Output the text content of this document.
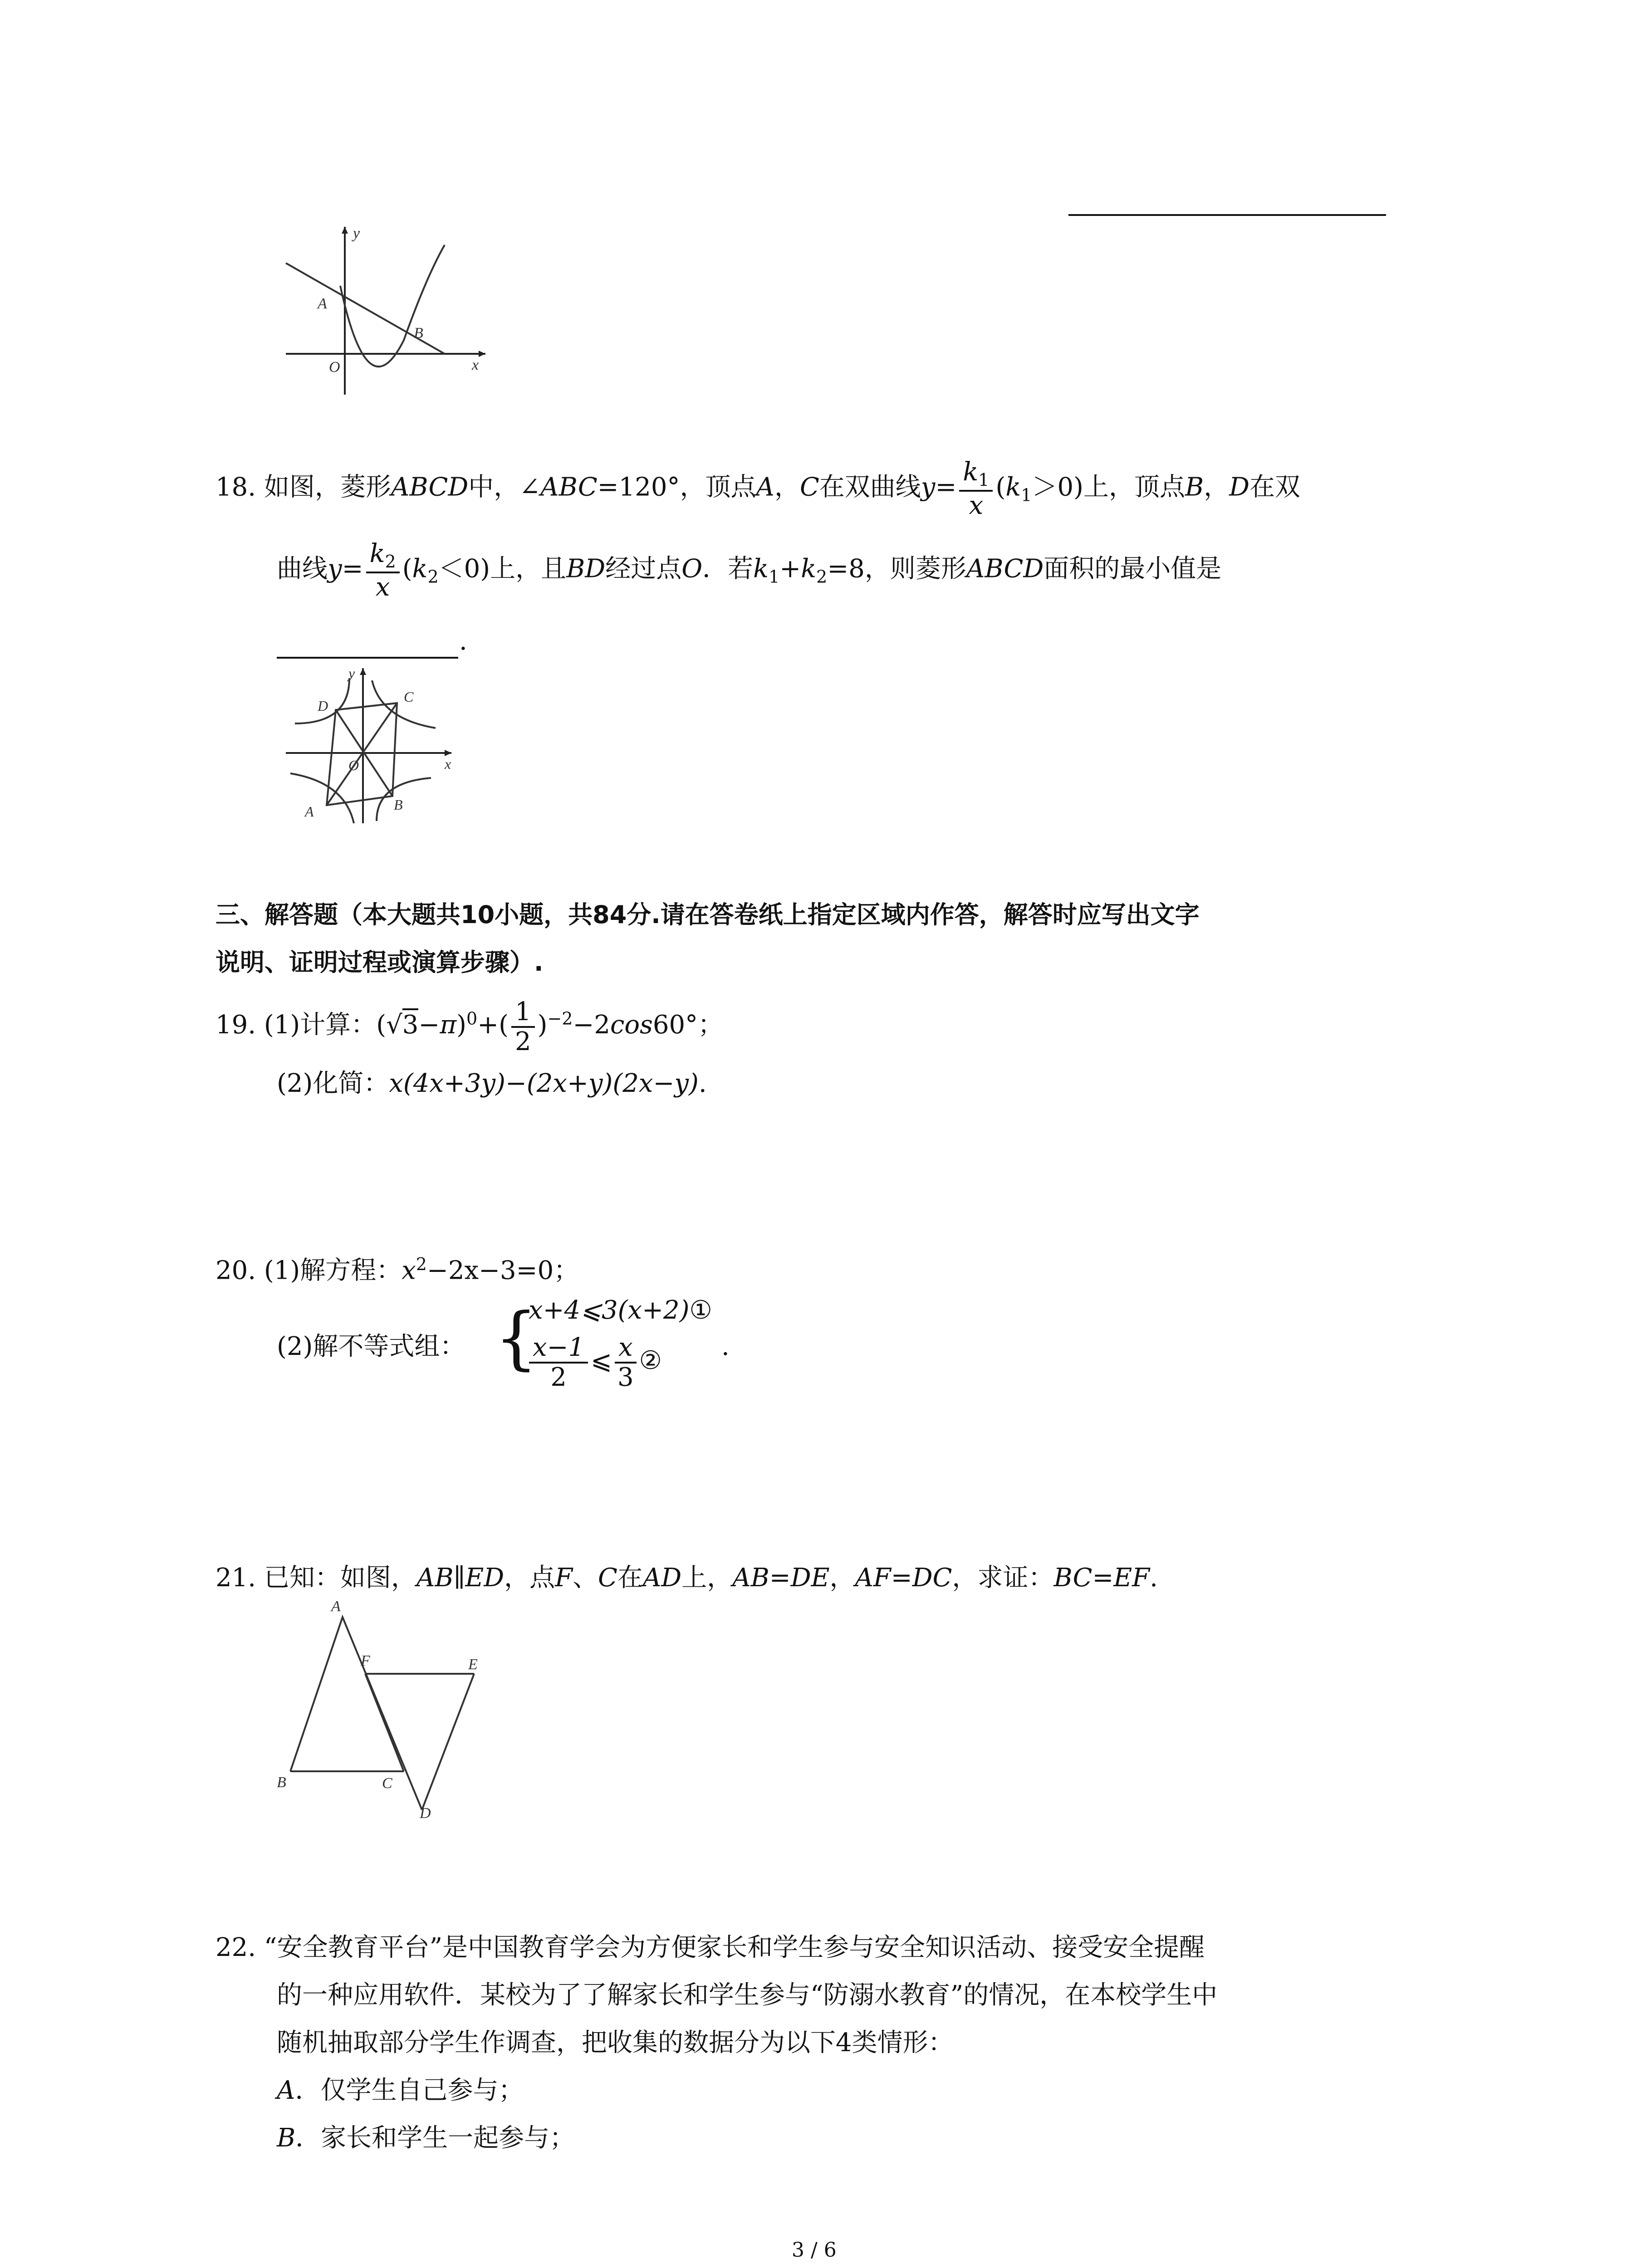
y
x
O
A
B
18. 如图，菱形ABCD中，∠ABC=120°，顶点A，C在双曲线$y= \frac{k_1}{x} (k_1>0)$上，顶点B，D在双
曲线$y= \frac{k_2}{x} (k_2<0)$上，且BD经过点O．若$k_1+k_2=8$，则菱形ABCD面积的最小值是
.
y
x
O
A	B
C
D
三、解答题（本大题共10小题，共84分.请在答卷纸上指定区域内作答，解答时应写出文字
说明、证明过程或演算步骤）.
19. (1)计算：$(√3-\pi)^0+( \frac{1}{2} )^{-2}-2\cos 60^\circ$；
(2)化简：x(4x+3y)−(2x+y)(2x−y).
20. (1)解方程：$x^2-2x-3=0$；
(2)解不等式组： {
x+4⩽3(x+2)①
$\frac{x-1}{2}$ ⩽ $\frac{x}{3}$ ② .
21. 已知：如图，AB∥ED，点F、C在AD上，AB=DE，AF=DC，求证：BC=EF.
A
B	C
D
E
F
22. “安全教育平台”是中国教育学会为方便家长和学生参与安全知识活动、接受安全提醒
的一种应用软件．某校为了了解家长和学生参与“防溺水教育”的情况，在本校学生中
随机抽取部分学生作调查，把收集的数据分为以下4类情形：
A．仅学生自己参与；
B．家长和学生一起参与；
3 / 6
